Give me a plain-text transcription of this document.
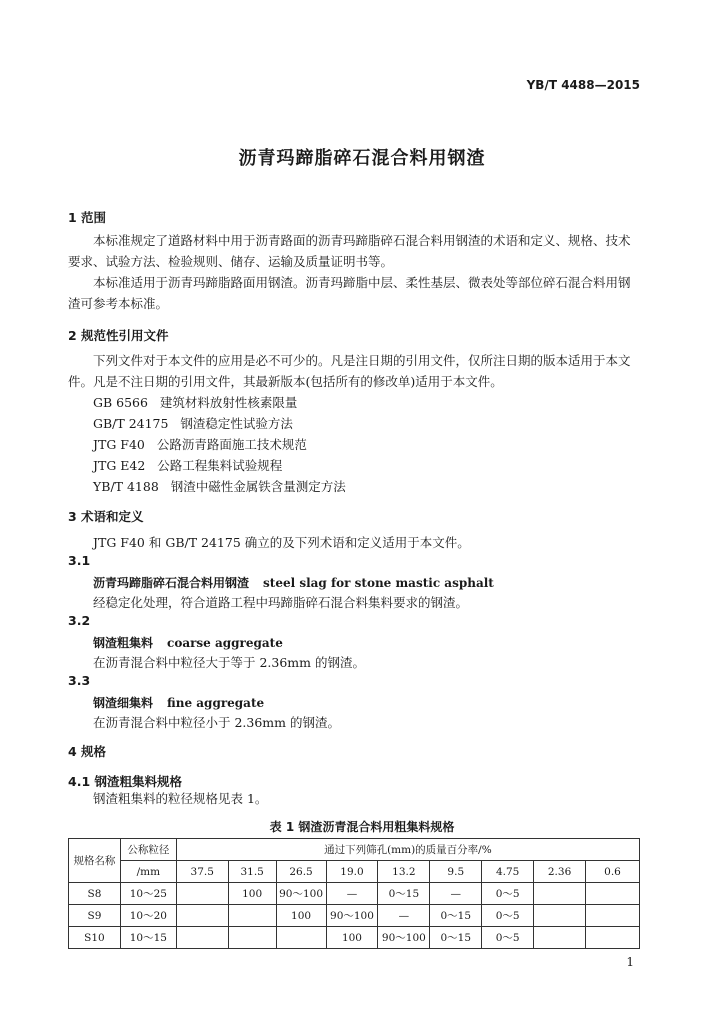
YB/T 4488—2015
沥青玛蹄脂碎石混合料用钢渣
1 范围
本标准规定了道路材料中用于沥青路面的沥青玛蹄脂碎石混合料用钢渣的术语和定义、规格、技术
要求、试验方法、检验规则、储存、运输及质量证明书等。
本标准适用于沥青玛蹄脂路面用钢渣。沥青玛蹄脂中层、柔性基层、微表处等部位碎石混合料用钢
渣可参考本标准。
2 规范性引用文件
下列文件对于本文件的应用是必不可少的。凡是注日期的引用文件，仅所注日期的版本适用于本文
件。凡是不注日期的引用文件，其最新版本(包括所有的修改单)适用于本文件。
GB 6566 建筑材料放射性核素限量
GB/T 24175 钢渣稳定性试验方法
JTG F40 公路沥青路面施工技术规范
JTG E42 公路工程集料试验规程
YB/T 4188 钢渣中磁性金属铁含量测定方法
3 术语和定义
JTG F40 和 GB/T 24175 确立的及下列术语和定义适用于本文件。
3.1
沥青玛蹄脂碎石混合料用钢渣 steel slag for stone mastic asphalt
经稳定化处理，符合道路工程中玛蹄脂碎石混合料集料要求的钢渣。
3.2
钢渣粗集料 coarse aggregate
在沥青混合料中粒径大于等于 2.36mm 的钢渣。
3.3
钢渣细集料 fine aggregate
在沥青混合料中粒径小于 2.36mm 的钢渣。
4 规格
4.1 钢渣粗集料规格
钢渣粗集料的粒径规格见表 1。
表 1 钢渣沥青混合料用粗集料规格
规格名称	公称粒径	通过下列筛孔(mm)的质量百分率/%								
	/mm	37.5	31.5	26.5	19.0	13.2	9.5	4.75	2.36	0.6
S8	10～25		100	90～100	—	0～15	—	0～5		
S9	10～20			100	90～100	—	0～15	0～5		
S10	10～15				100	90～100	0～15	0～5		
1
